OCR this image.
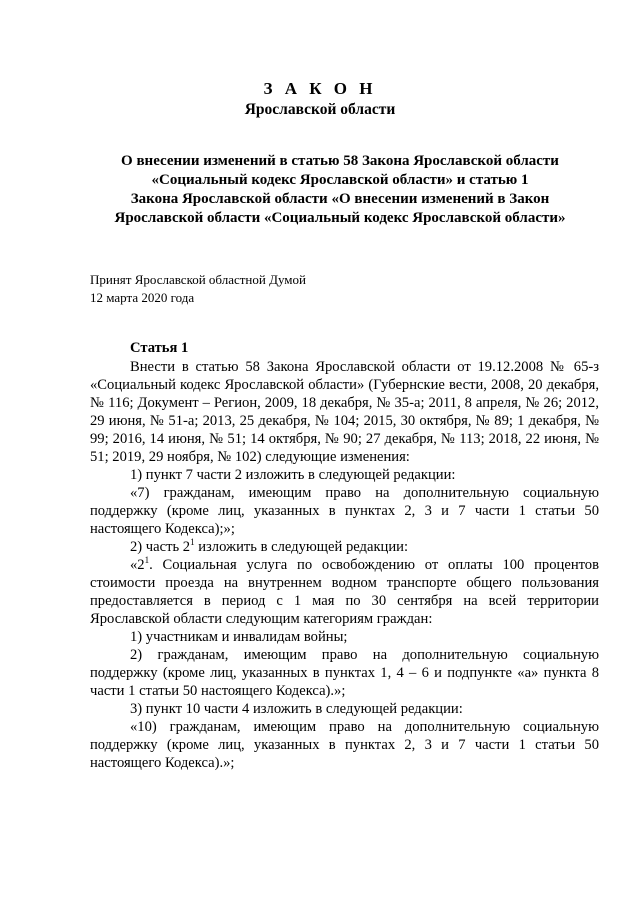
З А К О Н
Ярославской области
О внесении изменений в статью 58 Закона Ярославской области
«Социальный кодекс Ярославской области» и статью 1
Закона Ярославской области «О внесении изменений в Закон
Ярославской области «Социальный кодекс Ярославской области»
Принят Ярославской областной Думой
12 марта 2020 года
Статья 1

Внести в статью 58 Закона Ярославской области от 19.12.2008 № 65-з «Социальный кодекс Ярославской области» (Губернские вести, 2008, 20 декабря, № 116; Документ – Регион, 2009, 18 декабря, № 35-а; 2011, 8 апреля, № 26; 2012, 29 июня, № 51-а; 2013, 25 декабря, № 104; 2015, 30 октября, № 89; 1 декабря, № 99; 2016, 14 июня, № 51; 14 октября, № 90; 27 декабря, № 113; 2018, 22 июня, № 51; 2019, 29 ноября, № 102) следующие изменения:

1) пункт 7 части 2 изложить в следующей редакции:

«7) гражданам, имеющим право на дополнительную социальную поддержку (кроме лиц, указанных в пунктах 2, 3 и 7 части 1 статьи 50 настоящего Кодекса);»;

2) часть $2^1$ изложить в следующей редакции:

«$2^1$. Социальная услуга по освобождению от оплаты 100 процентов стоимости проезда на внутреннем водном транспорте общего пользования предоставляется в период с 1 мая по 30 сентября на всей территории Ярославской области следующим категориям граждан:

1) участникам и инвалидам войны;

2) гражданам, имеющим право на дополнительную социальную поддержку (кроме лиц, указанных в пунктах 1, 4 – 6 и подпункте «а» пункта 8 части 1 статьи 50 настоящего Кодекса).»;

3) пункт 10 части 4 изложить в следующей редакции:

«10) гражданам, имеющим право на дополнительную социальную поддержку (кроме лиц, указанных в пунктах 2, 3 и 7 части 1 статьи 50 настоящего Кодекса).»;
